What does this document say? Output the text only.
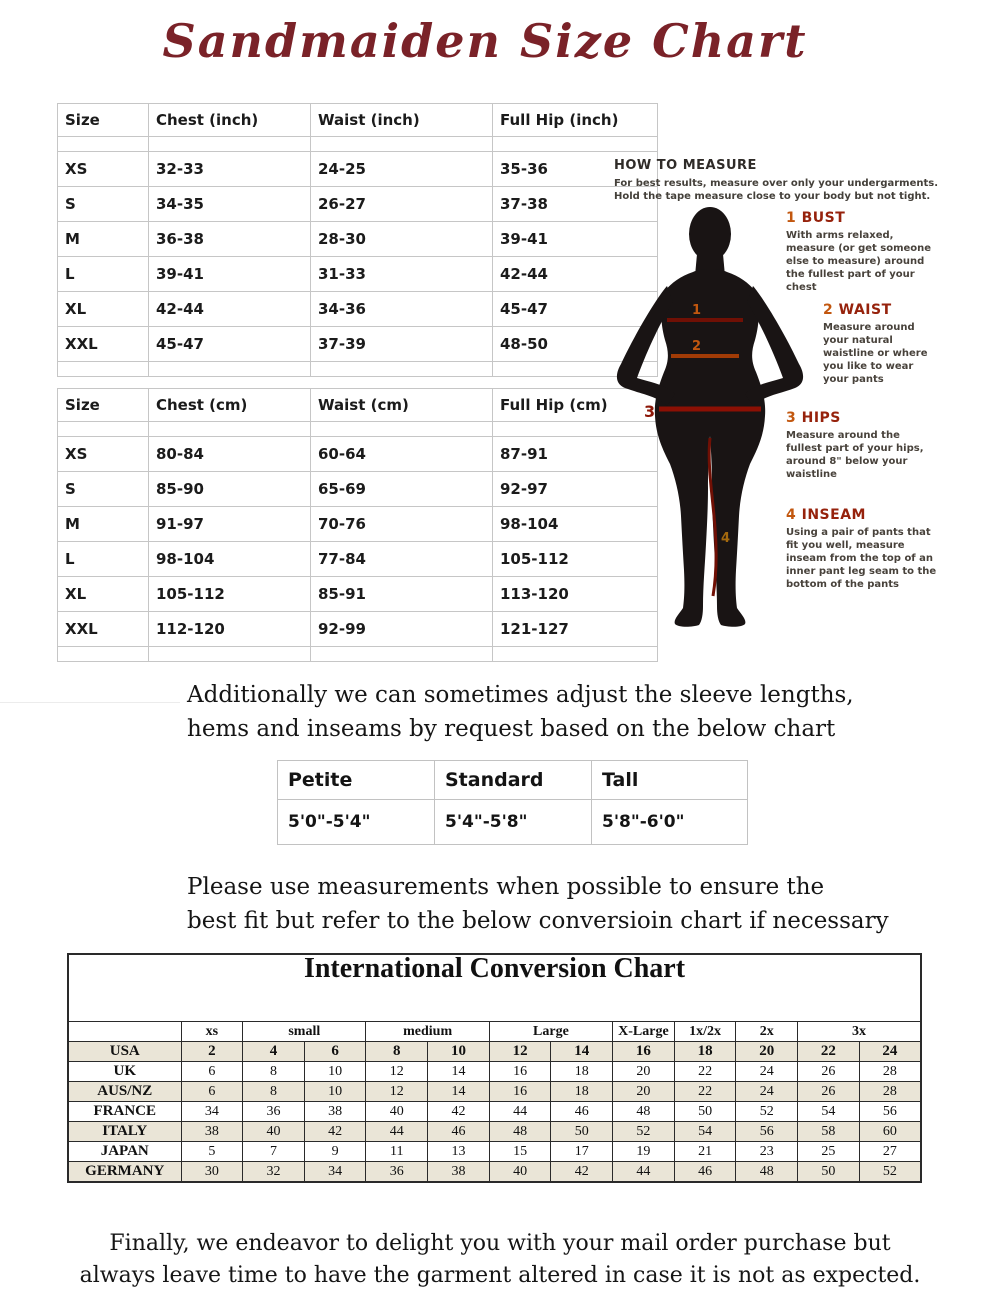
Sandmaiden Size Chart
Size	Chest (inch)	Waist (inch)	Full Hip (inch)

XS	32-33	24-25	35-36
S	34-35	26-27	37-38
M	36-38	28-30	39-41
L	39-41	31-33	42-44
XL	42-44	34-36	45-47
XXL	45-47	37-39	48-50

Size	Chest (cm)	Waist (cm)	Full Hip (cm)

XS	80-84	60-64	87-91
S	85-90	65-69	92-97
M	91-97	70-76	98-104
L	98-104	77-84	105-112
XL	105-112	85-91	113-120
XXL	112-120	92-99	121-127

HOW TO MEASURE
For best results, measure over only your undergarments.
Hold the tape measure close to your body but not tight.
1
2
3
4
1 BUST

With arms relaxed, measure (or get someone else to measure) around the fullest part of your chest

2 WAIST

Measure around your natural waistline or where you like to wear your pants

3 HIPS

Measure around the fullest part of your hips, around 8" below your waistline

4 INSEAM

Using a pair of pants that fit you well, measure inseam from the top of an inner pant leg seam to the bottom of the pants

Additionally we can sometimes adjust the sleeve lengths,
hems and inseams by request based on the below chart
Petite	Standard	Tall
5'0"-5'4"	5'4"-5'8"	5'8"-6'0"
Please use measurements when possible to ensure the
best fit but refer to the below conversioin chart if necessary
International Conversion Chart												
	xs	small		medium		Large		X-Large	1x/2x	2x	3x	
USA	2	4	6	8	10	12	14	16	18	20	22	24
UK	6	8	10	12	14	16	18	20	22	24	26	28
AUS/NZ	6	8	10	12	14	16	18	20	22	24	26	28
FRANCE	34	36	38	40	42	44	46	48	50	52	54	56
ITALY	38	40	42	44	46	48	50	52	54	56	58	60
JAPAN	5	7	9	11	13	15	17	19	21	23	25	27
GERMANY	30	32	34	36	38	40	42	44	46	48	50	52
Finally, we endeavor to delight you with your mail order purchase but
always leave time to have the garment altered in case it is not as expected.
